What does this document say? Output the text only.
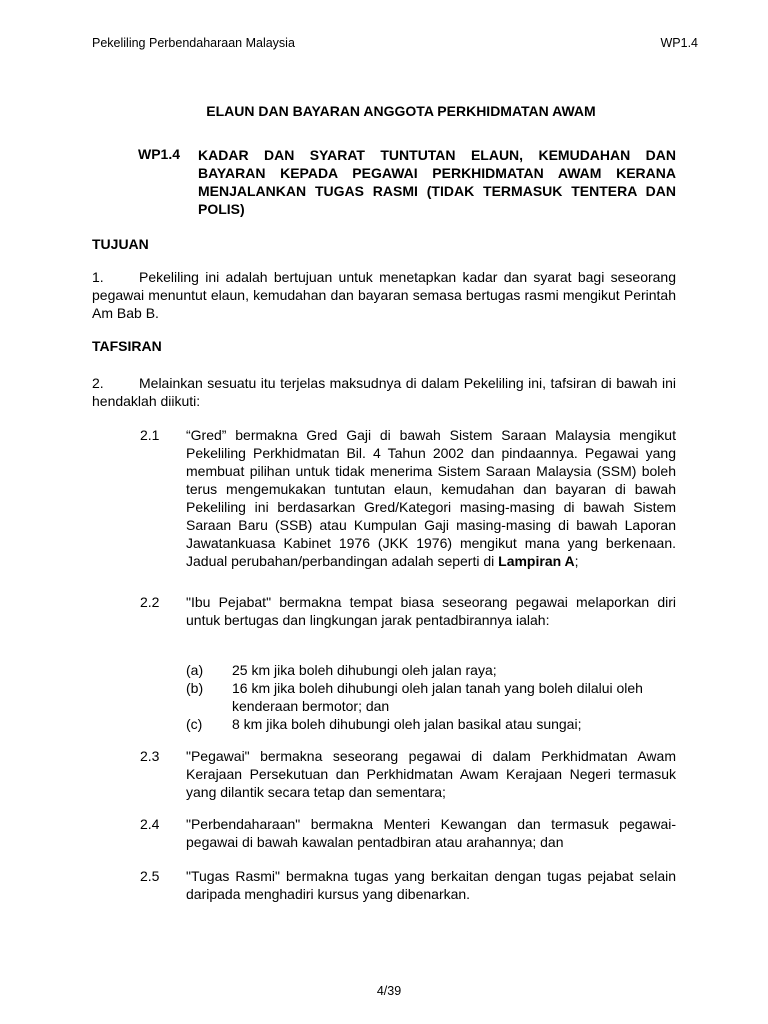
Pekeliling Perbendaharaan Malaysia	WP1.4
ELAUN DAN BAYARAN ANGGOTA PERKHIDMATAN AWAM
WP1.4 KADAR DAN SYARAT TUNTUTAN ELAUN, KEMUDAHAN DAN BAYARAN KEPADA PEGAWAI PERKHIDMATAN AWAM KERANA MENJALANKAN TUGAS RASMI (TIDAK TERMASUK TENTERA DAN POLIS)
TUJUAN
1.	Pekeliling ini adalah bertujuan untuk menetapkan kadar dan syarat bagi seseorang pegawai menuntut elaun, kemudahan dan bayaran semasa bertugas rasmi mengikut Perintah Am Bab B.
TAFSIRAN
2.	Melainkan sesuatu itu terjelas maksudnya di dalam Pekeliling ini, tafsiran di bawah ini hendaklah diikuti:
2.1 “Gred” bermakna Gred Gaji di bawah Sistem Saraan Malaysia mengikut Pekeliling Perkhidmatan Bil. 4 Tahun 2002 dan pindaannya. Pegawai yang membuat pilihan untuk tidak menerima Sistem Saraan Malaysia (SSM) boleh terus mengemukakan tuntutan elaun, kemudahan dan bayaran di bawah Pekeliling ini berdasarkan Gred/Kategori masing-masing di bawah Sistem Saraan Baru (SSB) atau Kumpulan Gaji masing-masing di bawah Laporan Jawatankuasa Kabinet 1976 (JKK 1976) mengikut mana yang berkenaan. Jadual perubahan/perbandingan adalah seperti di Lampiran A;
2.2 "Ibu Pejabat" bermakna tempat biasa seseorang pegawai melaporkan diri untuk bertugas dan lingkungan jarak pentadbirannya ialah:
(a) 25 km jika boleh dihubungi oleh jalan raya;
(b) 16 km jika boleh dihubungi oleh jalan tanah yang boleh dilalui oleh kenderaan bermotor; dan
(c) 8 km jika boleh dihubungi oleh jalan basikal atau sungai;
2.3 "Pegawai" bermakna seseorang pegawai di dalam Perkhidmatan Awam Kerajaan Persekutuan dan Perkhidmatan Awam Kerajaan Negeri termasuk yang dilantik secara tetap dan sementara;
2.4 "Perbendaharaan" bermakna Menteri Kewangan dan termasuk pegawai-pegawai di bawah kawalan pentadbiran atau arahannya; dan
2.5 "Tugas Rasmi" bermakna tugas yang berkaitan dengan tugas pejabat selain daripada menghadiri kursus yang dibenarkan.
4/39
